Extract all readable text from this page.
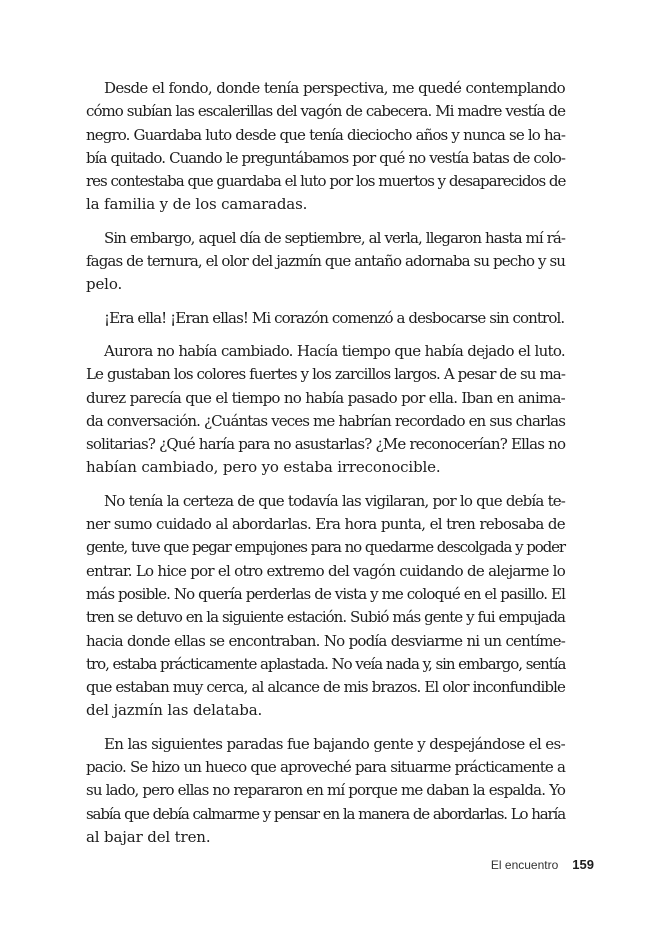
Desde el fondo, donde tenía perspectiva, me quedé contemplando
cómo subían las escalerillas del vagón de cabecera. Mi madre vestía de
negro. Guardaba luto desde que tenía dieciocho años y nunca se lo ha-
bía quitado. Cuando le preguntábamos por qué no vestía batas de colo-
res contestaba que guardaba el luto por los muertos y desaparecidos de
la familia y de los camaradas.
Sin embargo, aquel día de septiembre, al verla, llegaron hasta mí rá-
fagas de ternura, el olor del jazmín que antaño adornaba su pecho y su
pelo.
¡Era ella! ¡Eran ellas! Mi corazón comenzó a desbocarse sin control.
Aurora no había cambiado. Hacía tiempo que había dejado el luto.
Le gustaban los colores fuertes y los zarcillos largos. A pesar de su ma-
durez parecía que el tiempo no había pasado por ella. Iban en anima-
da conversación. ¿Cuántas veces me habrían recordado en sus charlas
solitarias? ¿Qué haría para no asustarlas? ¿Me reconocerían? Ellas no
habían cambiado, pero yo estaba irreconocible.
No tenía la certeza de que todavía las vigilaran, por lo que debía te-
ner sumo cuidado al abordarlas. Era hora punta, el tren rebosaba de
gente, tuve que pegar empujones para no quedarme descolgada y poder
entrar. Lo hice por el otro extremo del vagón cuidando de alejarme lo
más posible. No quería perderlas de vista y me coloqué en el pasillo. El
tren se detuvo en la siguiente estación. Subió más gente y fui empujada
hacia donde ellas se encontraban. No podía desviarme ni un centíme-
tro, estaba prácticamente aplastada. No veía nada y, sin embargo, sentía
que estaban muy cerca, al alcance de mis brazos. El olor inconfundible
del jazmín las delataba.
En las siguientes paradas fue bajando gente y despejándose el es-
pacio. Se hizo un hueco que aproveché para situarme prácticamente a
su lado, pero ellas no repararon en mí porque me daban la espalda. Yo
sabía que debía calmarme y pensar en la manera de abordarlas. Lo haría
al bajar del tren.
El encuentro 159
